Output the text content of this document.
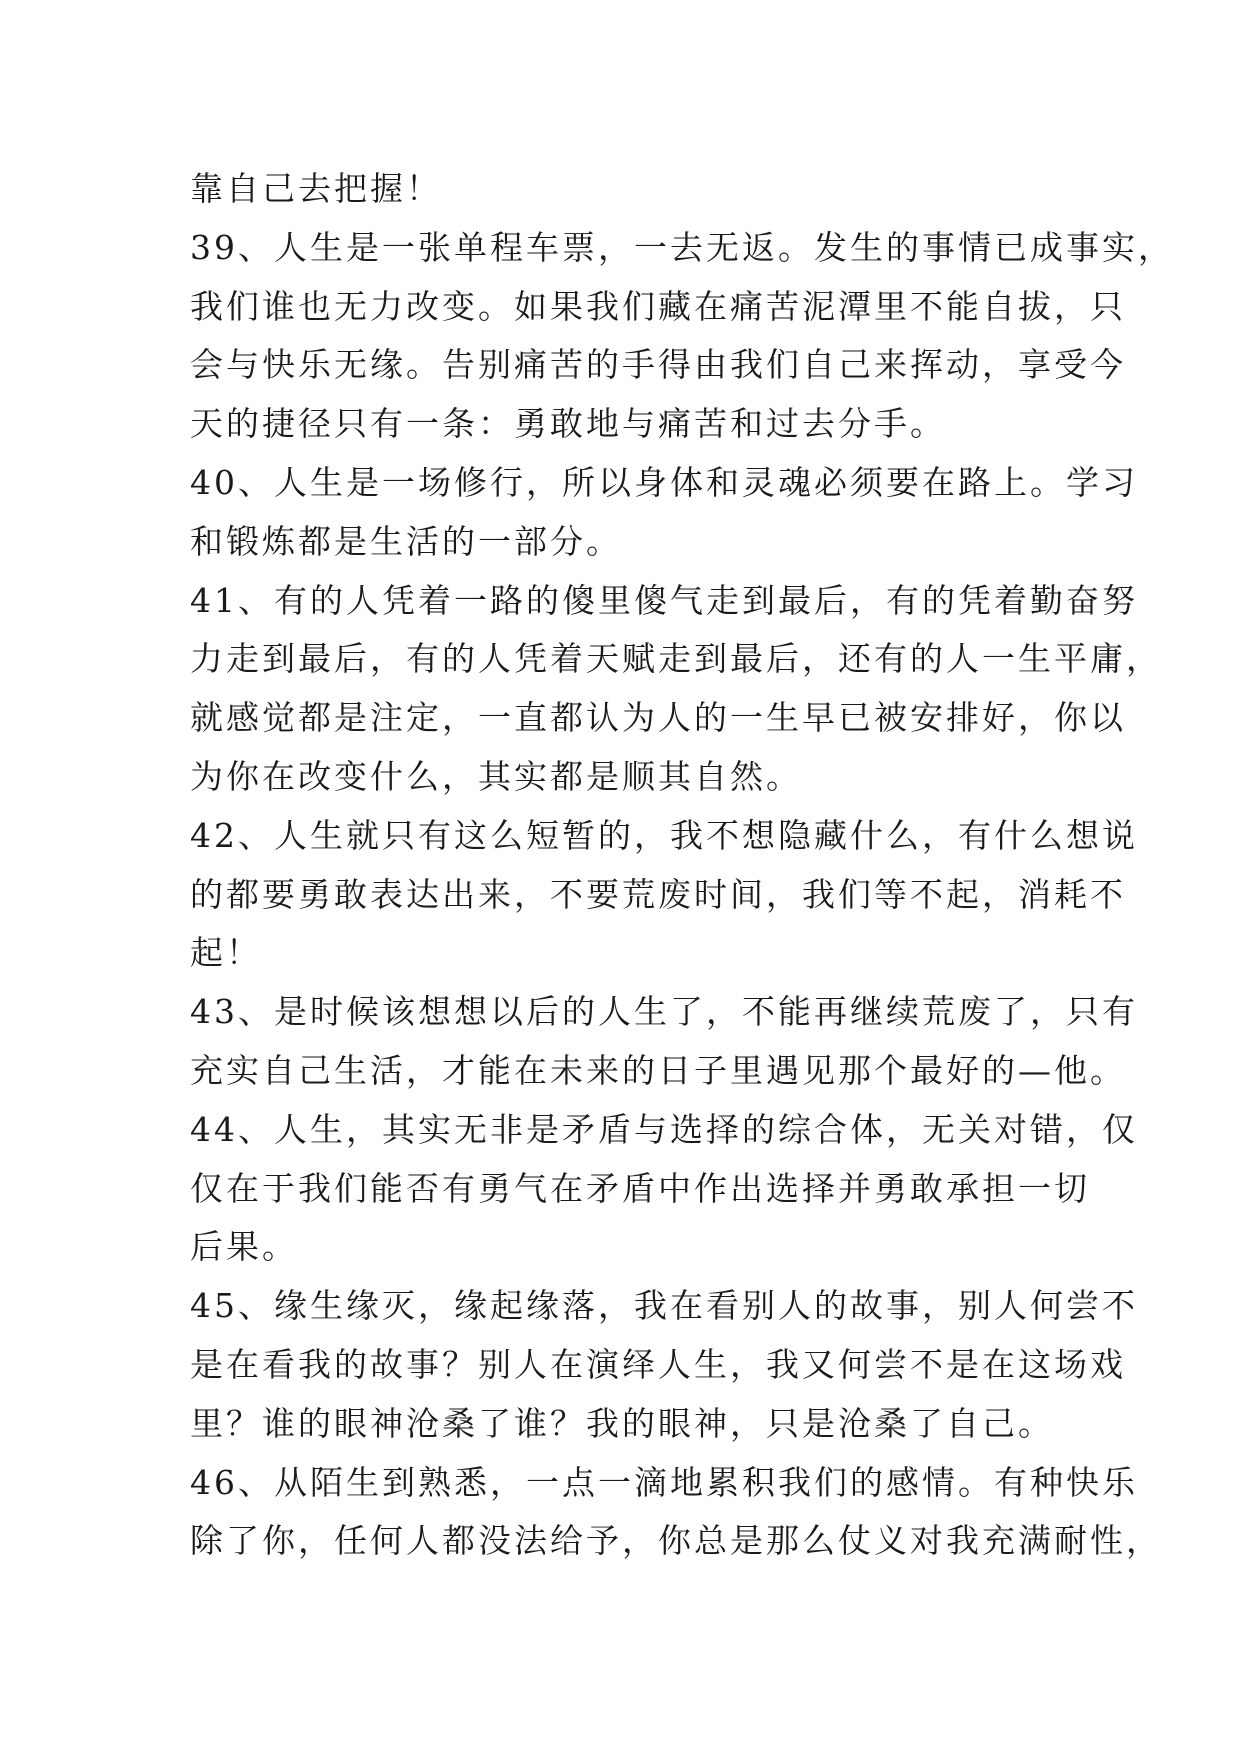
靠自己去把握！
39、人生是一张单程车票，一去无返。发生的事情已成事实，
我们谁也无力改变。如果我们藏在痛苦泥潭里不能自拔，只
会与快乐无缘。告别痛苦的手得由我们自己来挥动，享受今
天的捷径只有一条：勇敢地与痛苦和过去分手。
40、人生是一场修行，所以身体和灵魂必须要在路上。学习
和锻炼都是生活的一部分。
41、有的人凭着一路的傻里傻气走到最后，有的凭着勤奋努
力走到最后，有的人凭着天赋走到最后，还有的人一生平庸，
就感觉都是注定，一直都认为人的一生早已被安排好，你以
为你在改变什么，其实都是顺其自然。
42、人生就只有这么短暂的，我不想隐藏什么，有什么想说
的都要勇敢表达出来，不要荒废时间，我们等不起，消耗不
起！
43、是时候该想想以后的人生了，不能再继续荒废了，只有
充实自己生活，才能在未来的日子里遇见那个最好的—他。
44、人生，其实无非是矛盾与选择的综合体，无关对错，仅
仅在于我们能否有勇气在矛盾中作出选择并勇敢承担一切
后果。
45、缘生缘灭，缘起缘落，我在看别人的故事，别人何尝不
是在看我的故事？别人在演绎人生，我又何尝不是在这场戏
里？谁的眼神沧桑了谁？我的眼神，只是沧桑了自己。
46、从陌生到熟悉，一点一滴地累积我们的感情。有种快乐
除了你，任何人都没法给予，你总是那么仗义对我充满耐性，
